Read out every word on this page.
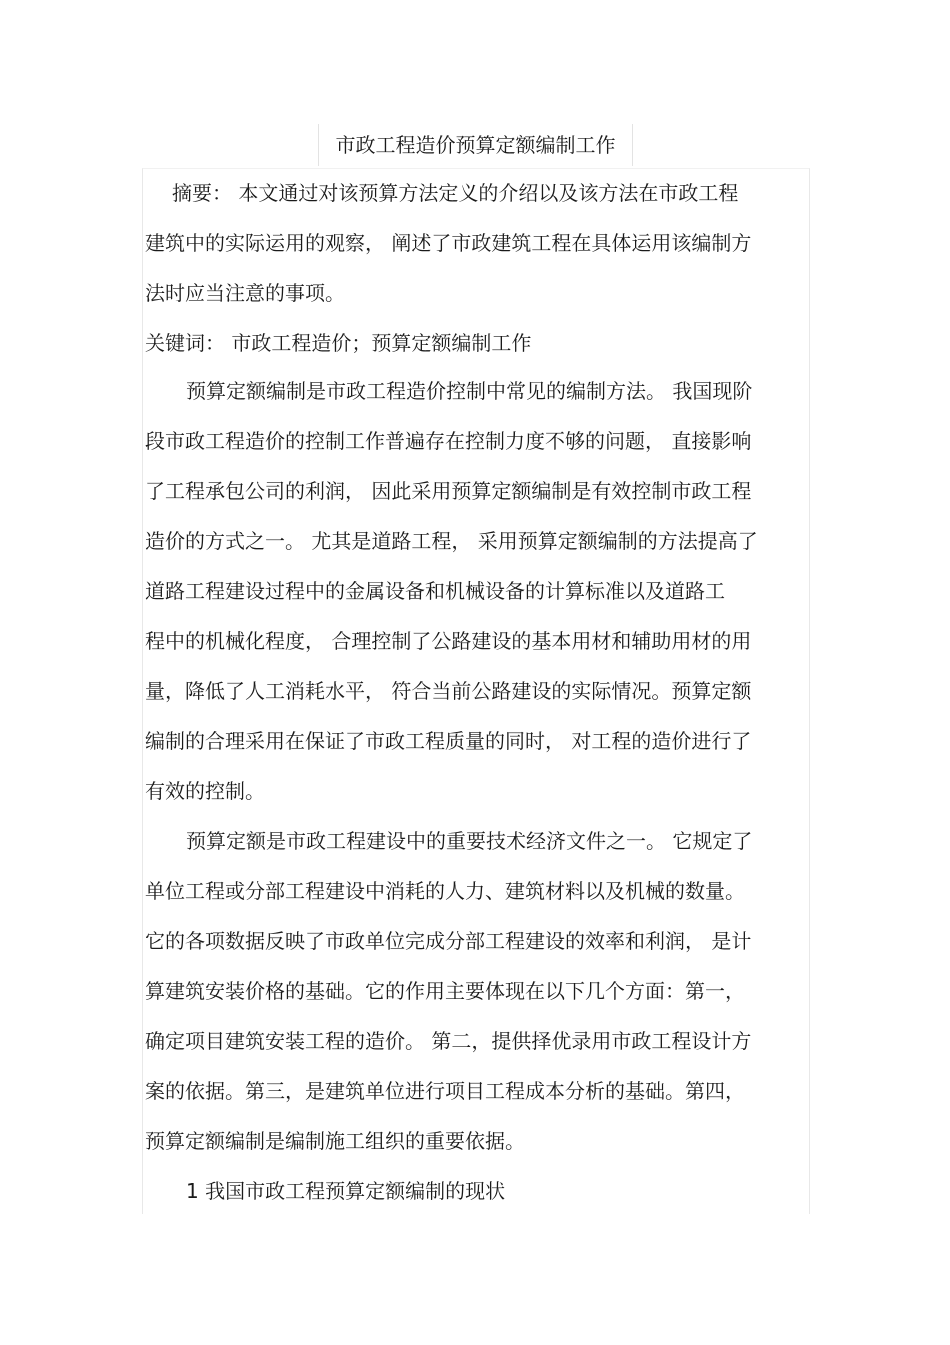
市政工程造价预算定额编制工作
摘要： 本文通过对该预算方法定义的介绍以及该方法在市政工程
建筑中的实际运用的观察， 阐述了市政建筑工程在具体运用该编制方
法时应当注意的事项。
关键词： 市政工程造价；预算定额编制工作
预算定额编制是市政工程造价控制中常见的编制方法。 我国现阶
段市政工程造价的控制工作普遍存在控制力度不够的问题， 直接影响
了工程承包公司的利润， 因此采用预算定额编制是有效控制市政工程
造价的方式之一。 尤其是道路工程， 采用预算定额编制的方法提高了
道路工程建设过程中的金属设备和机械设备的计算标准以及道路工
程中的机械化程度， 合理控制了公路建设的基本用材和辅助用材的用
量，降低了人工消耗水平， 符合当前公路建设的实际情况。预算定额
编制的合理采用在保证了市政工程质量的同时， 对工程的造价进行了
有效的控制。
预算定额是市政工程建设中的重要技术经济文件之一。 它规定了
单位工程或分部工程建设中消耗的人力、建筑材料以及机械的数量。
它的各项数据反映了市政单位完成分部工程建设的效率和利润， 是计
算建筑安装价格的基础。它的作用主要体现在以下几个方面：第一，
确定项目建筑安装工程的造价。 第二，提供择优录用市政工程设计方
案的依据。第三，是建筑单位进行项目工程成本分析的基础。第四，
预算定额编制是编制施工组织的重要依据。
1 我国市政工程预算定额编制的现状
